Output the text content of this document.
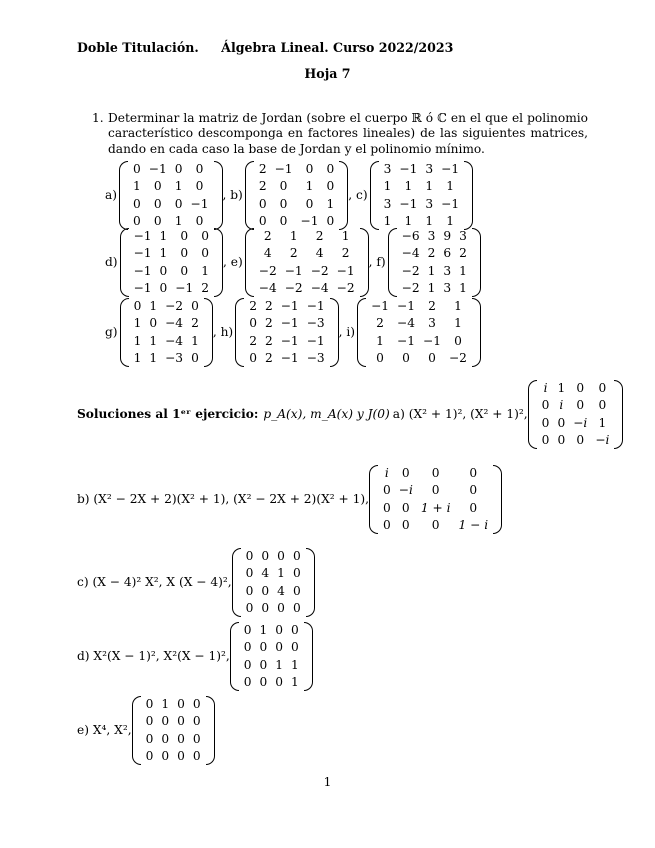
Doble Titulación. Álgebra Lineal. Curso 2022/2023
Hoja 7
1. Determinar la matriz de Jordan (sobre el cuerpo ℝ ó ℂ en el que el polinomio característico descomponga en factores lineales) de las siguientes matrices, dando en cada caso la base de Jordan y el polinomio mínimo.
a)
0	−1	0	0
1	0	1	0
0	0	0	−1
0	0	1	0
, b)
2	−1	0	0
2	0	1	0
0	0	0	1
0	0	−1	0
, c)
3	−1	3	−1
1	1	1	1
3	−1	3	−1
1	1	1	1
d)
−1	1	0	0
−1	1	0	0
−1	0	0	1
−1	0	−1	2
, e)
2	1	2	1
4	2	4	2
−2	−1	−2	−1
−4	−2	−4	−2
, f)
−6	3	9	3
−4	2	6	2
−2	1	3	1
−2	1	3	1
g)
0	1	−2	0
1	0	−4	2
1	1	−4	1
1	1	−3	0
, h)
2	2	−1	−1
0	2	−1	−3
2	2	−1	−1
0	2	−1	−3
, i)
−1	−1	2	1
2	−4	3	1
1	−1	−1	0
0	0	0	−2
Soluciones al 1ᵉʳ ejercicio: p_A(x), m_A(x) y J(0) a) (X² + 1)², (X² + 1)²,
i	1	0	0
0	i	0	0
0	0	−i	1
0	0	0	−i
b) (X² − 2X + 2)(X² + 1), (X² − 2X + 2)(X² + 1),
i	0	0	0
0	−i	0	0
0	0	1 + i	0
0	0	0	1 − i
c) (X − 4)² X², X (X − 4)²,
0	0	0	0
0	4	1	0
0	0	4	0
0	0	0	0
d) X²(X − 1)², X²(X − 1)²,
0	1	0	0
0	0	0	0
0	0	1	1
0	0	0	1
e) X⁴, X²,
0	1	0	0
0	0	0	0
0	0	0	0
0	0	0	0
1
